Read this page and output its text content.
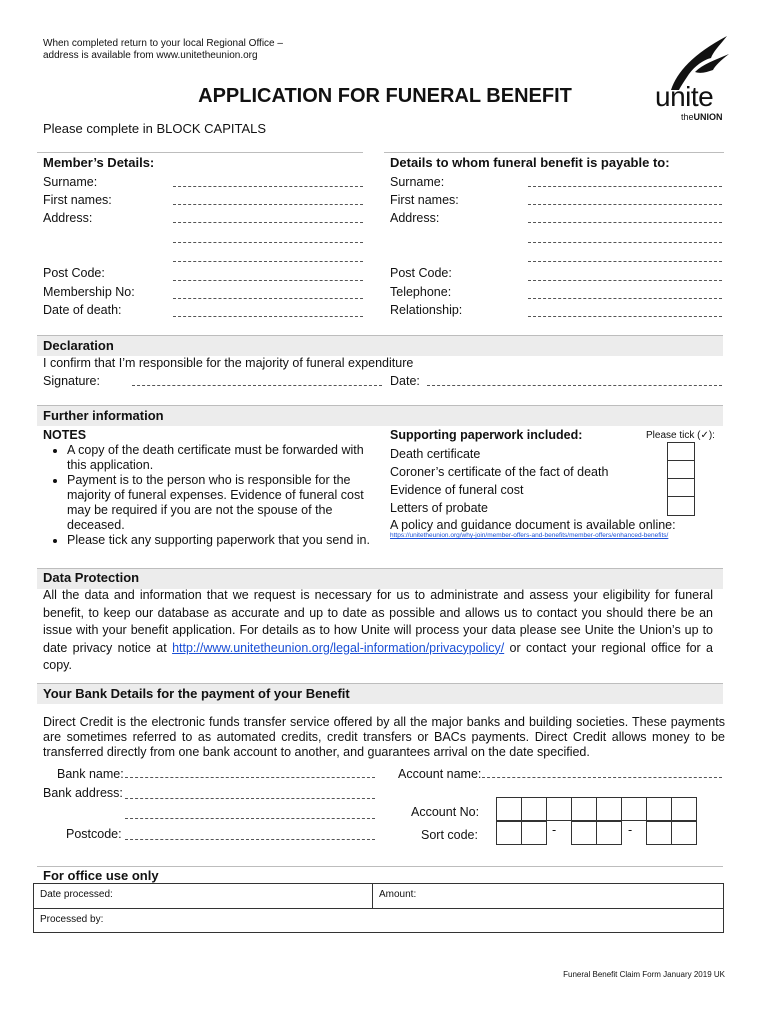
When completed return to your local Regional Office –
address is available from www.unitetheunion.org
unite
theUNION
APPLICATION FOR FUNERAL BENEFIT
Please complete in BLOCK CAPITALS
Member’s Details:	Details to whom funeral benefit is payable to:
Surname:
First names:
Address:
Post Code:
Membership No:
Date of death:
Surname:
First names:
Address:
Post Code:
Telephone:
Relationship:
Declaration
I confirm that I’m responsible for the majority of funeral expenditure
Signature:	Date:
Further information
NOTES
• A copy of the death certificate must be forwarded with this application.
• Payment is to the person who is responsible for the majority of funeral expenses. Evidence of funeral cost may be required if you are not the spouse of the deceased.
• Please tick any supporting paperwork that you send in.
Supporting paperwork included:	Please tick (✓):
Death certificate
Coroner’s certificate of the fact of death
Evidence of funeral cost
Letters of probate
A policy and guidance document is available online:
https://unitetheunion.org/why-join/member-offers-and-benefits/member-offers/enhanced-benefits/
Data Protection
All the data and information that we request is necessary for us to administrate and assess your eligibility for funeral benefit, to keep our database as accurate and up to date as possible and allows us to contact you should there be an issue with your benefit application. For details as to how Unite will process your data please see Unite the Union’s up to date privacy notice at http://www.unitetheunion.org/legal-information/privacypolicy/ or contact your regional office for a copy.
Your Bank Details for the payment of your Benefit
Direct Credit is the electronic funds transfer service offered by all the major banks and building societies. These payments are sometimes referred to as automated credits, credit transfers or BACs payments. Direct Credit allows money to be transferred directly from one bank account to another, and guarantees arrival on the date specified.
Bank name:	Account name:
Bank address:
Postcode:
Account No:
Sort code:	-	-
For office use only
Date processed:	Amount:
Processed by:
Funeral Benefit Claim Form January 2019 UK
